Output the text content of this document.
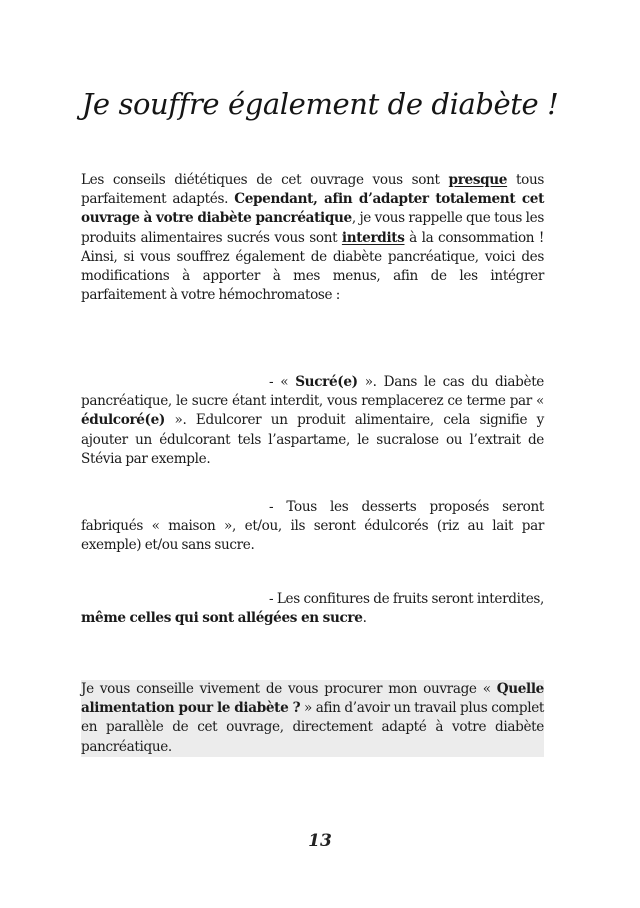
Je souffre également de diabète !

Les conseils diététiques de cet ouvrage vous sont presque tous parfaitement adaptés. Cependant, afin d’adapter totalement cet ouvrage à votre diabète pancréatique, je vous rappelle que tous les produits alimentaires sucrés vous sont interdits à la consommation ! Ainsi, si vous souffrez également de diabète pancréatique, voici des modifications à apporter à mes menus, afin de les intégrer parfaitement à votre hémochromatose :

- « Sucré(e) ». Dans le cas du diabète pancréatique, le sucre étant interdit, vous remplacerez ce terme par « édulcoré(e) ». Edulcorer un produit alimentaire, cela signifie y ajouter un édulcorant tels l’aspartame, le sucralose ou l’extrait de Stévia par exemple.

- Tous les desserts proposés seront fabriqués « maison », et/ou, ils seront édulcorés (riz au lait par exemple) et/ou sans sucre.

- Les confitures de fruits seront interdites, même celles qui sont allégées en sucre.

Je vous conseille vivement de vous procurer mon ouvrage « Quelle alimentation pour le diabète ? » afin d’avoir un travail plus complet en parallèle de cet ouvrage, directement adapté à votre diabète pancréatique.

13
